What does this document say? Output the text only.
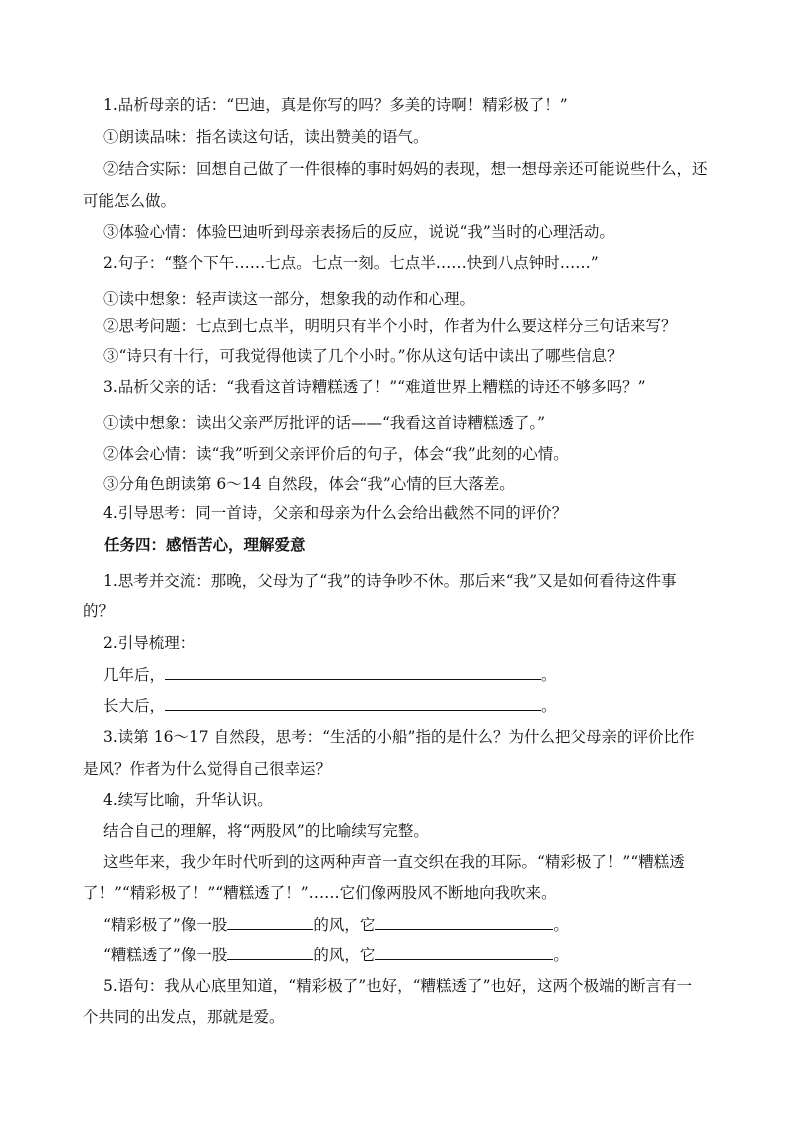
1.品析母亲的话：“巴迪，真是你写的吗？多美的诗啊！精彩极了！”
①朗读品味：指名读这句话，读出赞美的语气。
②结合实际：回想自己做了一件很棒的事时妈妈的表现，想一想母亲还可能说些什么，还
可能怎么做。
③体验心情：体验巴迪听到母亲表扬后的反应，说说“我”当时的心理活动。
2.句子：“整个下午……七点。七点一刻。七点半……快到八点钟时……”
①读中想象：轻声读这一部分，想象我的动作和心理。
②思考问题：七点到七点半，明明只有半个小时，作者为什么要这样分三句话来写？
③“诗只有十行，可我觉得他读了几个小时。”你从这句话中读出了哪些信息？
3.品析父亲的话：“我看这首诗糟糕透了！”“难道世界上糟糕的诗还不够多吗？”
①读中想象：读出父亲严厉批评的话——“我看这首诗糟糕透了。”
②体会心情：读“我”听到父亲评价后的句子，体会“我”此刻的心情。
③分角色朗读第 6～14 自然段，体会“我”心情的巨大落差。
4.引导思考：同一首诗，父亲和母亲为什么会给出截然不同的评价？
任务四：感悟苦心，理解爱意
1.思考并交流：那晚，父母为了“我”的诗争吵不休。那后来“我”又是如何看待这件事
的？
2.引导梳理：
几年后，	。
长大后，	。
3.读第 16～17 自然段，思考：“生活的小船”指的是什么？为什么把父母亲的评价比作
是风？作者为什么觉得自己很幸运？
4.续写比喻，升华认识。
结合自己的理解，将“两股风”的比喻续写完整。
这些年来，我少年时代听到的这两种声音一直交织在我的耳际。“精彩极了！”“糟糕透
了！”“精彩极了！”“糟糕透了！”……它们像两股风不断地向我吹来。
“精彩极了”像一股	的风，它	。
“糟糕透了”像一股	的风，它	。
5.语句：我从心底里知道，“精彩极了”也好，“糟糕透了”也好，这两个极端的断言有一
个共同的出发点，那就是爱。
